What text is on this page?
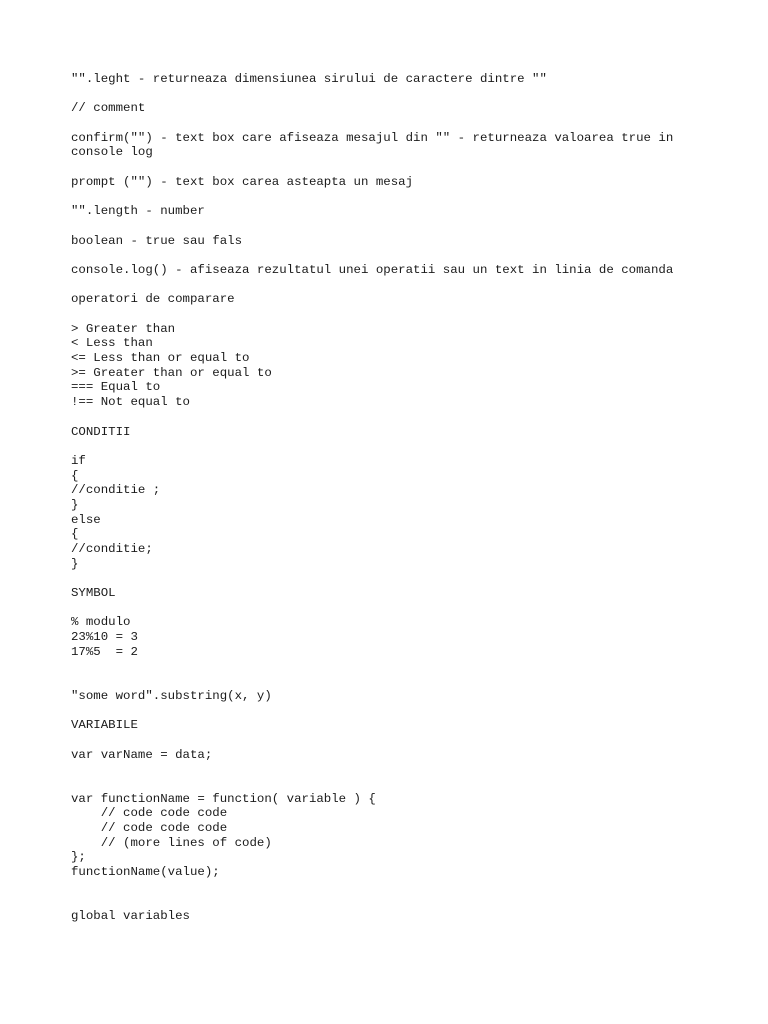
"".leght - returneaza dimensiunea sirului de caractere dintre ""
// comment
confirm("") - text box care afiseaza mesajul din "" - returneaza valoarea true in
console log
prompt ("") - text box carea asteapta un mesaj
"".length - number
boolean - true sau fals
console.log() - afiseaza rezultatul unei operatii sau un text in linia de comanda
operatori de comparare
> Greater than
< Less than
<= Less than or equal to
>= Greater than or equal to
=== Equal to
!== Not equal to
CONDITII
if
{
//conditie ;
}
else
{
//conditie;
}
SYMBOL
% modulo
23%10 = 3
17%5  = 2
"some word".substring(x, y)
VARIABILE
var varName = data;
var functionName = function( variable ) {
// code code code
// code code code
// (more lines of code)
};
functionName(value);
global variables
